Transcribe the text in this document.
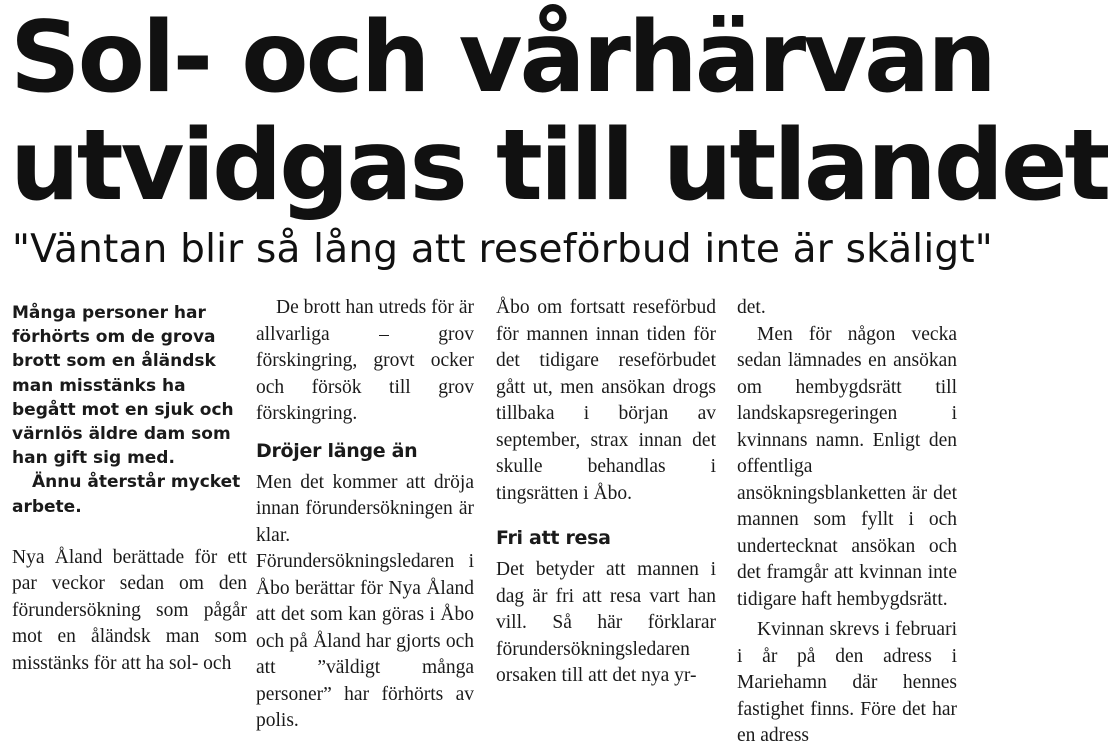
Sol- och vårhärvan
utvidgas till utlandet
"Väntan blir så lång att reseförbud inte är skäligt"

Många personer har förhörts om de grova brott som en åländsk man misstänks ha begått mot en sjuk och värnlös äldre dam som han gift sig med.

Ännu återstår mycket arbete.

Nya Åland berättade för ett par veckor sedan om den förundersökning som pågår mot en åländsk man som misstänks för att ha sol- och

De brott han utreds för är allvarliga – grov förskingring, grovt ocker och försök till grov förskingring.

Dröjer länge än

Men det kommer att dröja innan förundersökningen är klar. Förundersökningsledaren i Åbo berättar för Nya Åland att det som kan göras i Åbo och på Åland har gjorts och att ”väldigt många personer” har förhörts av polis.

Åbo om fortsatt reseförbud för mannen innan tiden för det tidigare reseförbudet gått ut, men ansökan drogs tillbaka i början av september, strax innan det skulle behandlas i tingsrätten i Åbo.

Fri att resa

Det betyder att mannen i dag är fri att resa vart han vill. Så här förklarar förundersökningsledaren orsaken till att det nya yr-

det.

Men för någon vecka sedan lämnades en ansökan om hembygdsrätt till landskapsregeringen i kvinnans namn. Enligt den offentliga ansökningsblanketten är det mannen som fyllt i och undertecknat ansökan och det framgår att kvinnan inte tidigare haft hembygdsrätt.

Kvinnan skrevs i februari i år på den adress i Mariehamn där hennes fastighet finns. Före det har en adress
